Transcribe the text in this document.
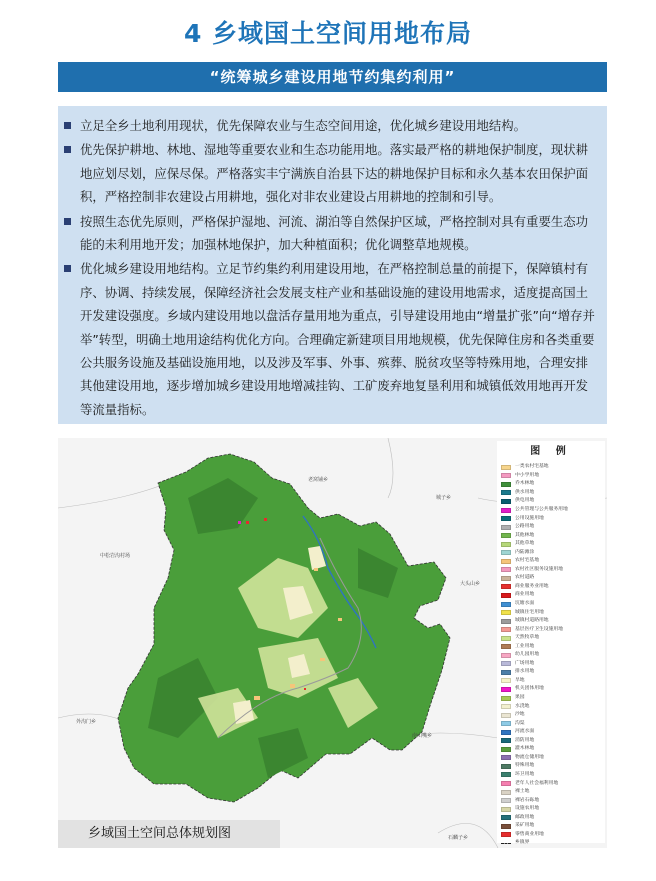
4 乡域国土空间用地布局
“统筹城乡建设用地节约集约利用”
立足全乡土地利用现状，优先保障农业与生态空间用途，优化城乡建设用地结构。
优先保护耕地、林地、湿地等重要农业和生态功能用地。落实最严格的耕地保护制度，现状耕地应划尽划，应保尽保。严格落实丰宁满族自治县下达的耕地保护目标和永久基本农田保护面积，严格控制非农建设占用耕地，强化对非农业建设占用耕地的控制和引导。
按照生态优先原则，严格保护湿地、河流、湖泊等自然保护区域，严格控制对具有重要生态功能的未利用地开发；加强林地保护，加大种植面积；优化调整草地规模。
优化城乡建设用地结构。立足节约集约利用建设用地，在严格控制总量的前提下，保障镇村有序、协调、持续发展，保障经济社会发展支柱产业和基础设施的建设用地需求，适度提高国土开发建设强度。乡域内建设用地以盘活存量用地为重点，引导建设用地由“增量扩张”向“增存并举”转型，明确土地用途结构优化方向。合理确定新建项目用地规模，优先保障住房和各类重要公共服务设施及基础设施用地，以及涉及军事、外事、殡葬、脱贫攻坚等特殊用地，合理安排其他建设用地，逐步增加城乡建设用地增减挂钩、工矿废弃地复垦利用和城镇低效用地再开发等流量指标。
老窝铺乡
中松岩沟村场
城子乡
大头山乡
外沟门乡
南山嘴乡
石麟子乡
乡域国土空间总体规划图
图 例
一类农村宅基地
中小学用地
乔木林地
供水用地
供电用地
公共管理与公共服务用地
公用设施用地
公路用地
其他林地
其他草地
内陆滩涂
农村宅基地
农村社区服务设施用地
农村道路
商业服务业用地
商业用地
坑塘水面
城镇住宅用地
城镇村道路用地
基层医疗卫生设施用地
天然牧草地
工业用地
幼儿园用地
广场用地
排水用地
旱地
机关团体用地
果园
水浇地
沙地
沟渠
河流水面
消防用地
灌木林地
物流仓储用地
特殊用地
环卫用地
老年人社会福利用地
裸土地
裸岩石砾地
设施农用地
邮政用地
采矿用地
零售商业用地
乡镇界
